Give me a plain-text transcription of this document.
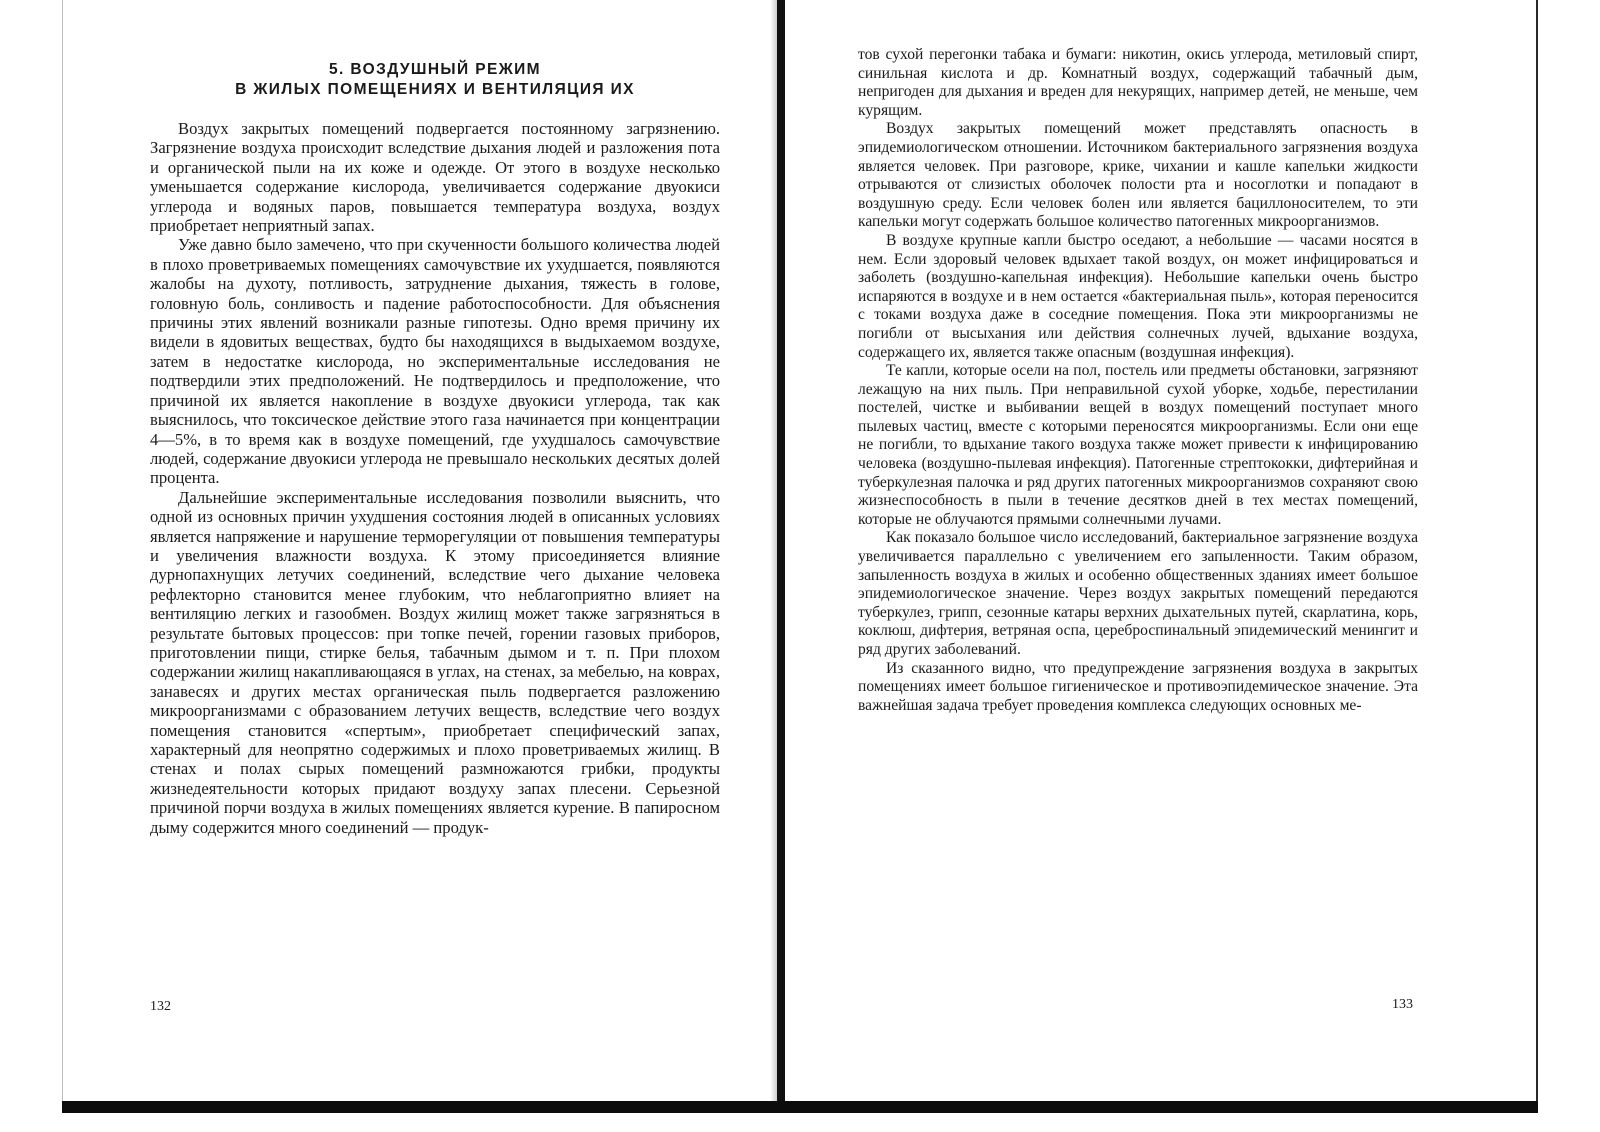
5. ВОЗДУШНЫЙ РЕЖИМ
В ЖИЛЫХ ПОМЕЩЕНИЯХ И ВЕНТИЛЯЦИЯ ИХ

Воздух закрытых помещений подвергается постоянному загрязнению. Загрязнение воздуха происходит вследствие дыхания людей и разложения пота и органической пыли на их коже и одежде. От этого в воздухе несколько уменьшается содержание кислорода, увеличивается содержание двуокиси углерода и водяных паров, повышается температура воздуха, воздух приобретает неприятный запах.

Уже давно было замечено, что при скученности большого количества людей в плохо проветриваемых помещениях самочувствие их ухудшается, появляются жалобы на духоту, потливость, затруднение дыхания, тяжесть в голове, головную боль, сонливость и падение работоспособности. Для объяснения причины этих явлений возникали разные гипотезы. Одно время причину их видели в ядовитых веществах, будто бы находящихся в выдыхаемом воздухе, затем в недостатке кислорода, но экспериментальные исследования не подтвердили этих предположений. Не подтвердилось и предположение, что причиной их является накопление в воздухе двуокиси углерода, так как выяснилось, что токсическое действие этого газа начинается при концентрации 4—5%, в то время как в воздухе помещений, где ухудшалось самочувствие людей, содержание двуокиси углерода не превышало нескольких десятых долей процента.

Дальнейшие экспериментальные исследования позволили выяснить, что одной из основных причин ухудшения состояния людей в описанных условиях является напряжение и нарушение терморегуляции от повышения температуры и увеличения влажности воздуха. К этому присоединяется влияние дурнопахнущих летучих соединений, вследствие чего дыхание человека рефлекторно становится менее глубоким, что неблагоприятно влияет на вентиляцию легких и газообмен. Воздух жилищ может также загрязняться в результате бытовых процессов: при топке печей, горении газовых приборов, приготовлении пищи, стирке белья, табачным дымом и т. п. При плохом содержании жилищ накапливающаяся в углах, на стенах, за мебелью, на коврах, занавесях и других местах органическая пыль подвергается разложению микроорганизмами с образованием летучих веществ, вследствие чего воздух помещения становится «спертым», приобретает специфический запах, характерный для неопрятно содержимых и плохо проветриваемых жилищ. В стенах и полах сырых помещений размножаются грибки, продукты жизнедеятельности которых придают воздуху запах плесени. Серьезной причиной порчи воздуха в жилых помещениях является курение. В папиросном дыму содержится много соединений — продук-

132

тов сухой перегонки табака и бумаги: никотин, окись углерода, метиловый спирт, синильная кислота и др. Комнатный воздух, содержащий табачный дым, непригоден для дыхания и вреден для некурящих, например детей, не меньше, чем курящим.

Воздух закрытых помещений может представлять опасность в эпидемиологическом отношении. Источником бактериального загрязнения воздуха является человек. При разговоре, крике, чихании и кашле капельки жидкости отрываются от слизистых оболочек полости рта и носоглотки и попадают в воздушную среду. Если человек болен или является бациллоносителем, то эти капельки могут содержать большое количество патогенных микроорганизмов.

В воздухе крупные капли быстро оседают, а небольшие — часами носятся в нем. Если здоровый человек вдыхает такой воздух, он может инфицироваться и заболеть (воздушно-капельная инфекция). Небольшие капельки очень быстро испаряются в воздухе и в нем остается «бактериальная пыль», которая переносится с токами воздуха даже в соседние помещения. Пока эти микроорганизмы не погибли от высыхания или действия солнечных лучей, вдыхание воздуха, содержащего их, является также опасным (воздушная инфекция).

Те капли, которые осели на пол, постель или предметы обстановки, загрязняют лежащую на них пыль. При неправильной сухой уборке, ходьбе, перестилании постелей, чистке и выбивании вещей в воздух помещений поступает много пылевых частиц, вместе с которыми переносятся микроорганизмы. Если они еще не погибли, то вдыхание такого воздуха также может привести к инфицированию человека (воздушно-пылевая инфекция). Патогенные стрептококки, дифтерийная и туберкулезная палочка и ряд других патогенных микроорганизмов сохраняют свою жизнеспособность в пыли в течение десятков дней в тех местах помещений, которые не облучаются прямыми солнечными лучами.

Как показало большое число исследований, бактериальное загрязнение воздуха увеличивается параллельно с увеличением его запыленности. Таким образом, запыленность воздуха в жилых и особенно общественных зданиях имеет большое эпидемиологическое значение. Через воздух закрытых помещений передаются туберкулез, грипп, сезонные катары верхних дыхательных путей, скарлатина, корь, коклюш, дифтерия, ветряная оспа, цереброспинальный эпидемический менингит и ряд других заболеваний.

Из сказанного видно, что предупреждение загрязнения воздуха в закрытых помещениях имеет большое гигиеническое и противоэпидемическое значение. Эта важнейшая задача требует проведения комплекса следующих основных ме-

133
